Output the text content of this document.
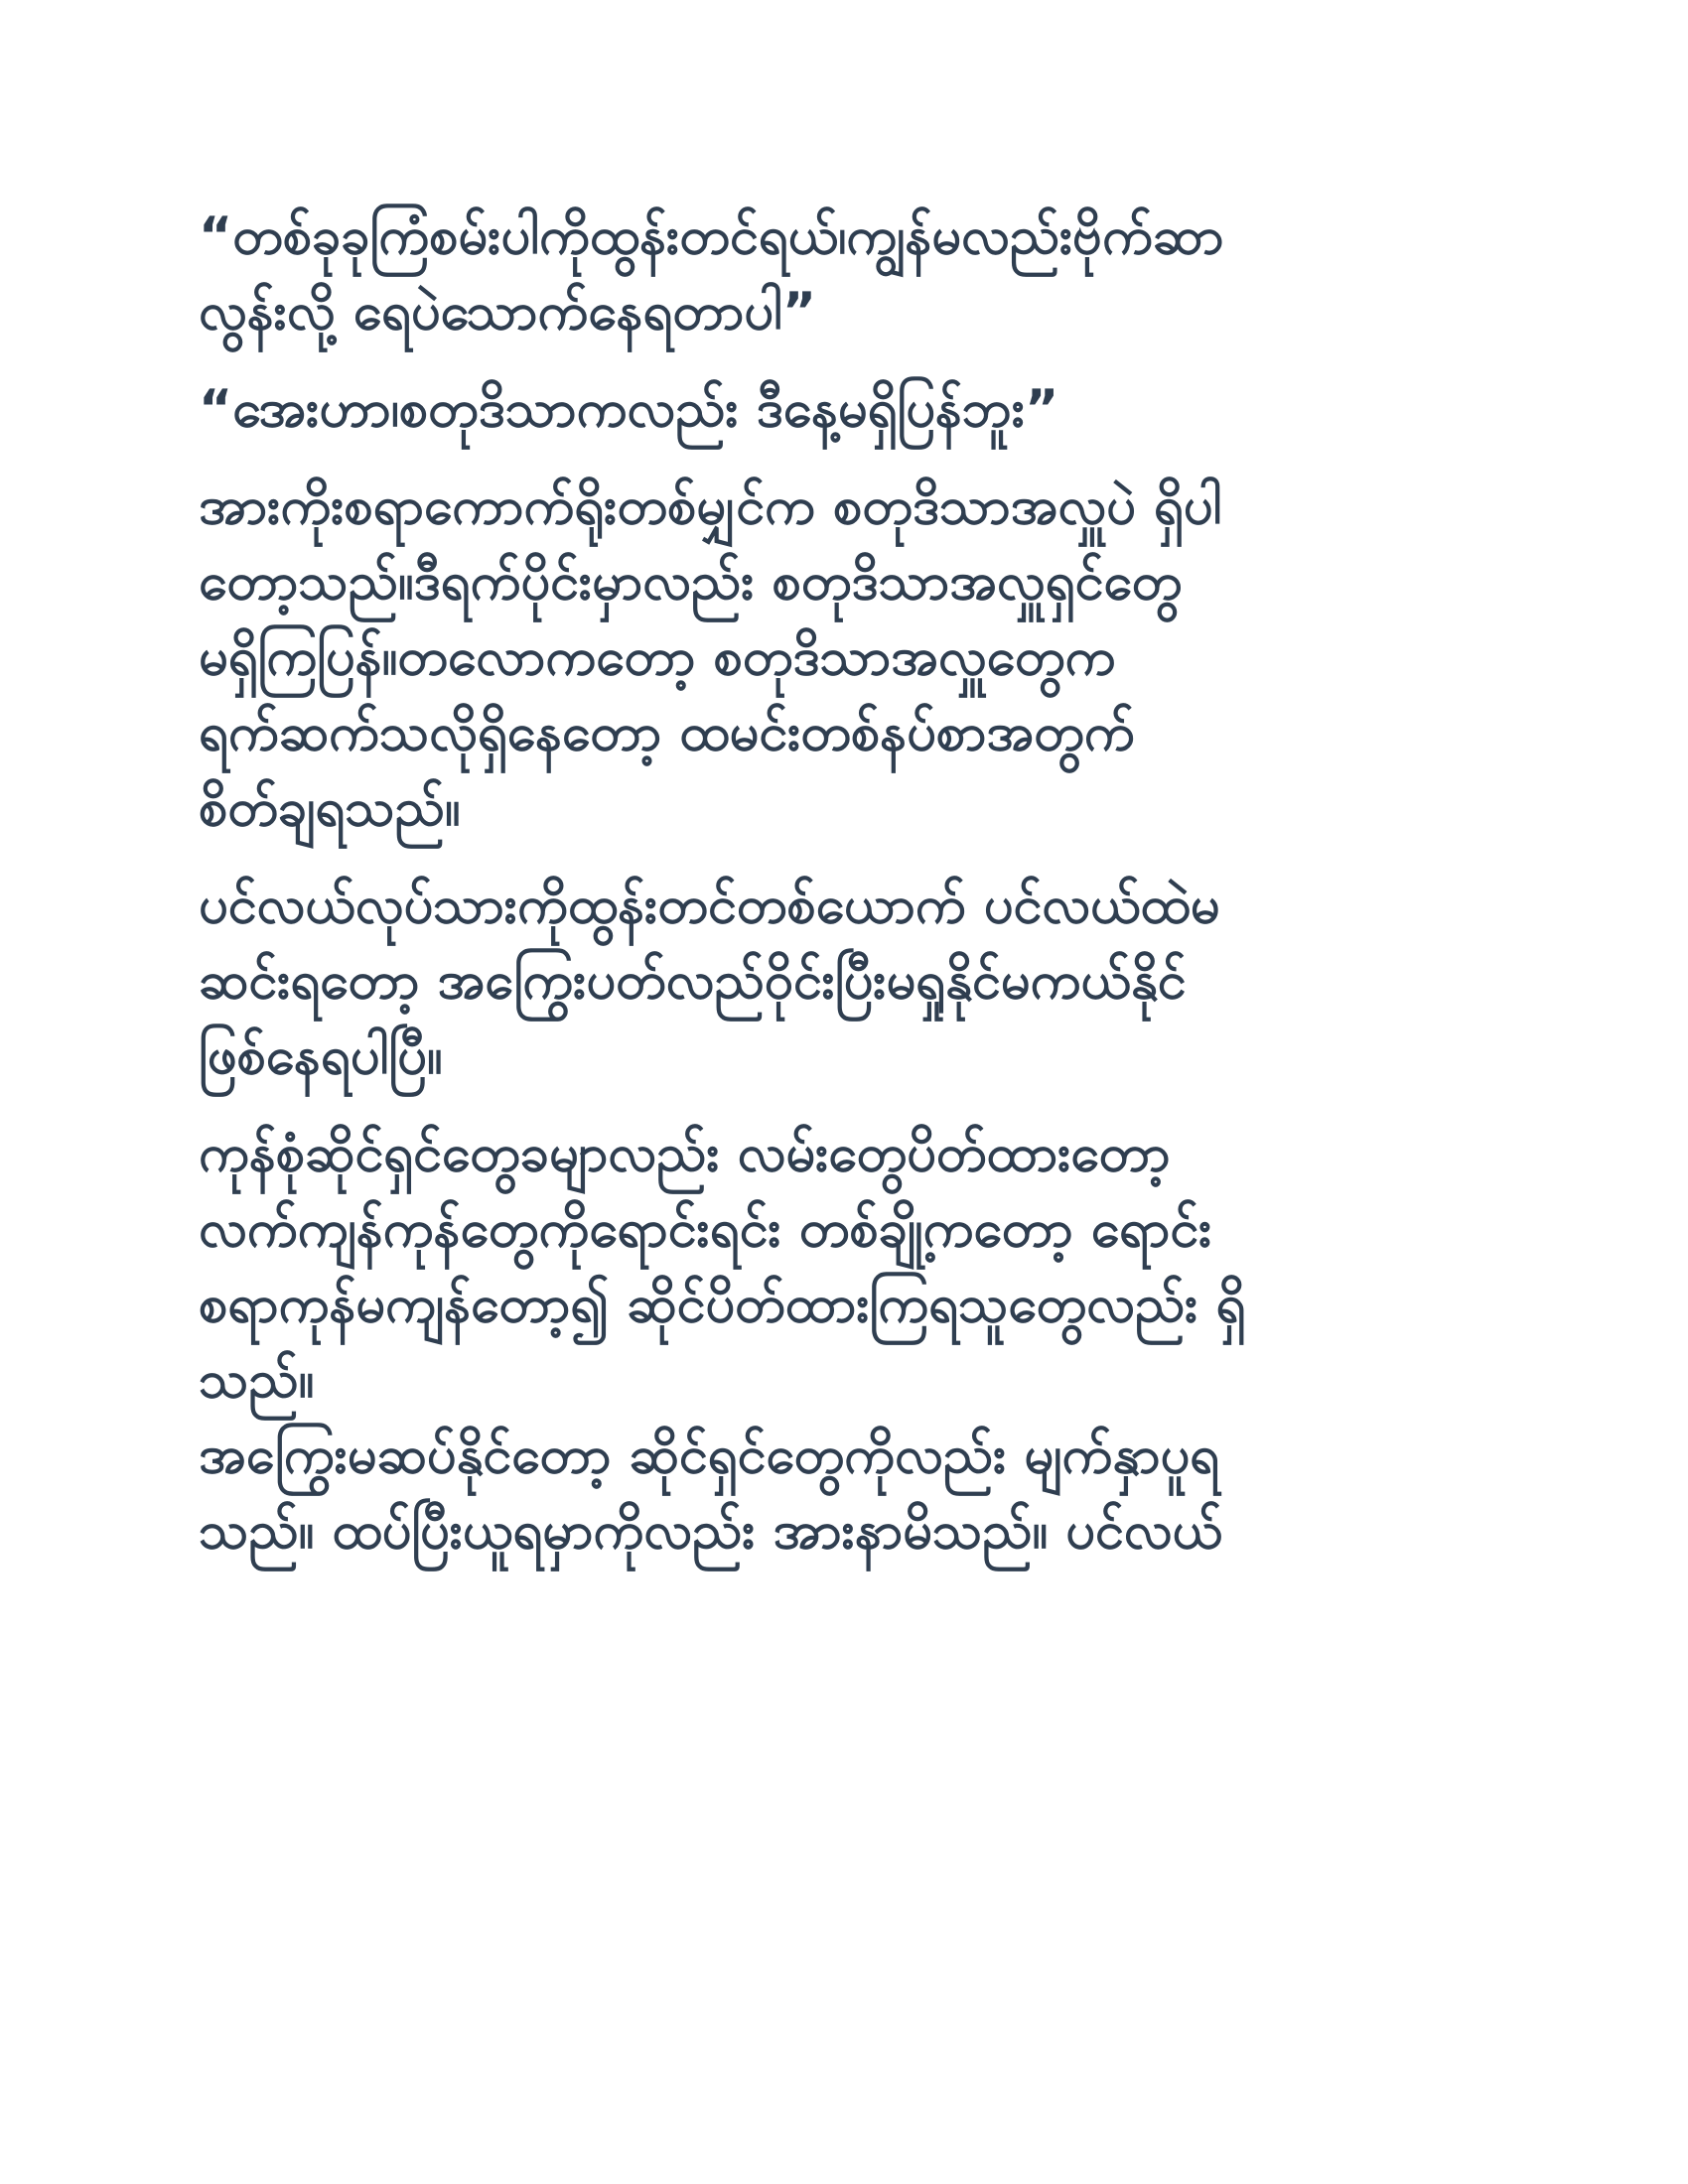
“တစ်ခုခုကြံစမ်းပါကိုထွန်းတင်ရယ်၊ကျွန်မလည်းဗိုက်ဆာ
လွန်းလို့ ရေပဲသောက်နေရတာပါ”

“အေးဟာ၊စတုဒိသာကလည်း ဒီနေ့မရှိပြန်ဘူး”

အားကိုးစရာကောက်ရိုးတစ်မျှင်က စတုဒိသာအလှူပဲ ရှိပါ
တော့သည်။ဒီရက်ပိုင်းမှာလည်း စတုဒိသာအလှူရှင်တွေ
မရှိကြပြန်။တလောကတော့ စတုဒိသာအလှူတွေက
ရက်ဆက်သလိုရှိနေတော့ ထမင်းတစ်နပ်စာအတွက်
စိတ်ချရသည်။

ပင်လယ်လုပ်သားကိုထွန်းတင်တစ်ယောက် ပင်လယ်ထဲမ
ဆင်းရတော့ အကြွေးပတ်လည်ဝိုင်းပြီးမရှုနိုင်မကယ်နိုင်
ဖြစ်နေရပါပြီ။

ကုန်စုံဆိုင်ရှင်တွေခမျာလည်း လမ်းတွေပိတ်ထားတော့
လက်ကျန်ကုန်တွေကိုရောင်းရင်း တစ်ချို့ကတော့ ရောင်း
စရာကုန်မကျန်တော့၍ ဆိုင်ပိတ်ထားကြရသူတွေလည်း ရှိ
သည်။

အကြွေးမဆပ်နိုင်တော့ ဆိုင်ရှင်တွေကိုလည်း မျက်နှာပူရ
သည်။ ထပ်ပြီးယူရမှာကိုလည်း အားနာမိသည်။ ပင်လယ်
